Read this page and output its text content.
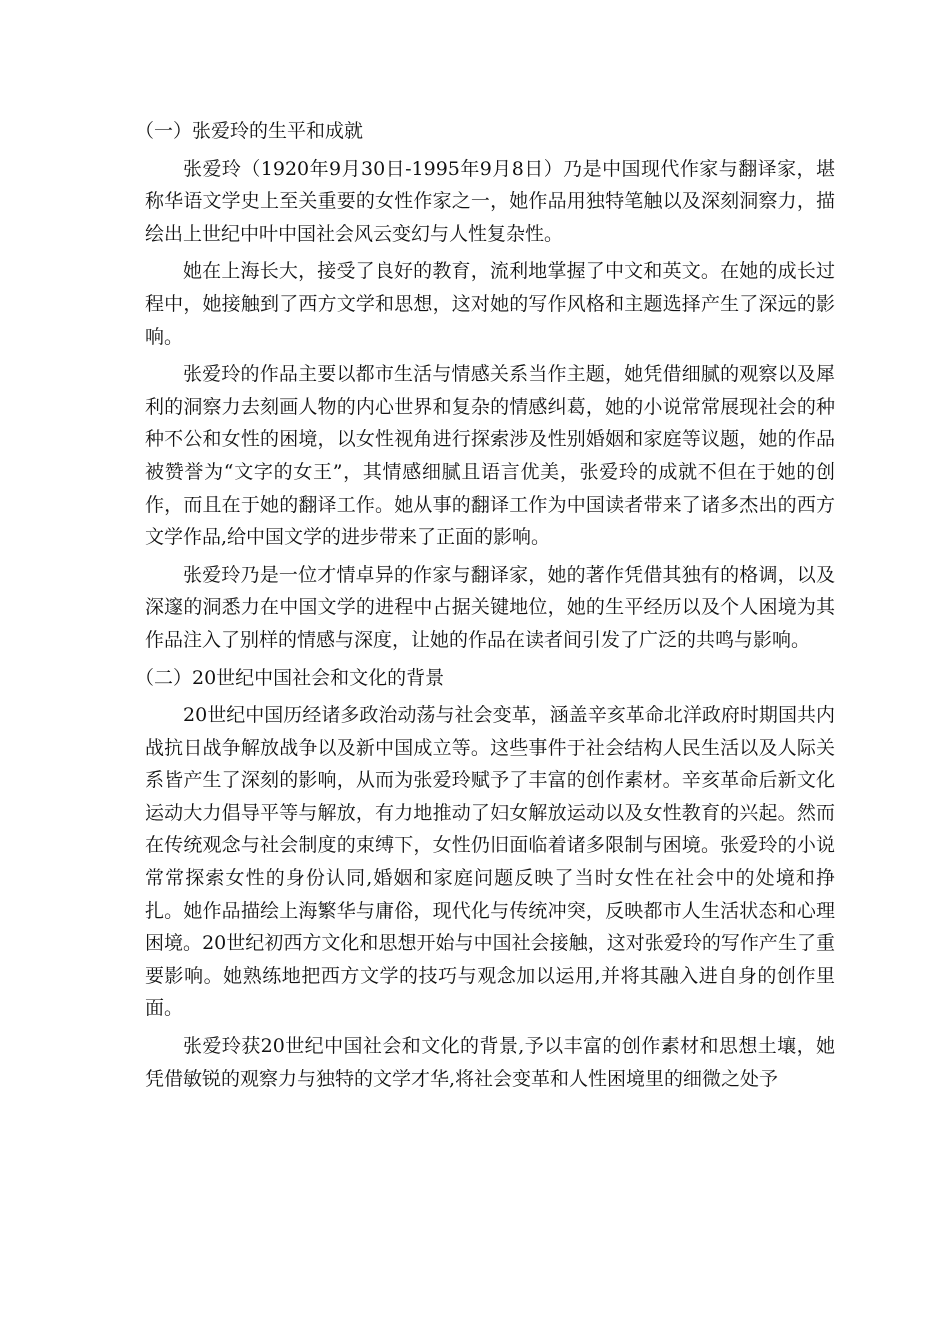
（一）张爱玲的生平和成就
张爱玲（1920年9月30日-1995年9月8日）乃是中国现代作家与翻译家，堪称华语文学史上至关重要的女性作家之一，她作品用独特笔触以及深刻洞察力，描绘出上世纪中叶中国社会风云变幻与人性复杂性。
她在上海长大，接受了良好的教育，流利地掌握了中文和英文。在她的成长过程中，她接触到了西方文学和思想，这对她的写作风格和主题选择产生了深远的影响。
张爱玲的作品主要以都市生活与情感关系当作主题，她凭借细腻的观察以及犀利的洞察力去刻画人物的内心世界和复杂的情感纠葛，她的小说常常展现社会的种种不公和女性的困境，以女性视角进行探索涉及性别婚姻和家庭等议题，她的作品被赞誉为“文字的女王”，其情感细腻且语言优美，张爱玲的成就不但在于她的创作，而且在于她的翻译工作。她从事的翻译工作为中国读者带来了诸多杰出的西方文学作品,给中国文学的进步带来了正面的影响。
张爱玲乃是一位才情卓异的作家与翻译家，她的著作凭借其独有的格调，以及深邃的洞悉力在中国文学的进程中占据关键地位，她的生平经历以及个人困境为其作品注入了别样的情感与深度，让她的作品在读者间引发了广泛的共鸣与影响。
（二）20世纪中国社会和文化的背景
20世纪中国历经诸多政治动荡与社会变革，涵盖辛亥革命北洋政府时期国共内战抗日战争解放战争以及新中国成立等。这些事件于社会结构人民生活以及人际关系皆产生了深刻的影响，从而为张爱玲赋予了丰富的创作素材。辛亥革命后新文化运动大力倡导平等与解放，有力地推动了妇女解放运动以及女性教育的兴起。然而在传统观念与社会制度的束缚下，女性仍旧面临着诸多限制与困境。张爱玲的小说常常探索女性的身份认同,婚姻和家庭问题反映了当时女性在社会中的处境和挣扎。她作品描绘上海繁华与庸俗，现代化与传统冲突，反映都市人生活状态和心理困境。20世纪初西方文化和思想开始与中国社会接触，这对张爱玲的写作产生了重要影响。她熟练地把西方文学的技巧与观念加以运用,并将其融入进自身的创作里面。
张爱玲获20世纪中国社会和文化的背景,予以丰富的创作素材和思想土壤，她凭借敏锐的观察力与独特的文学才华,将社会变革和人性困境里的细微之处予
